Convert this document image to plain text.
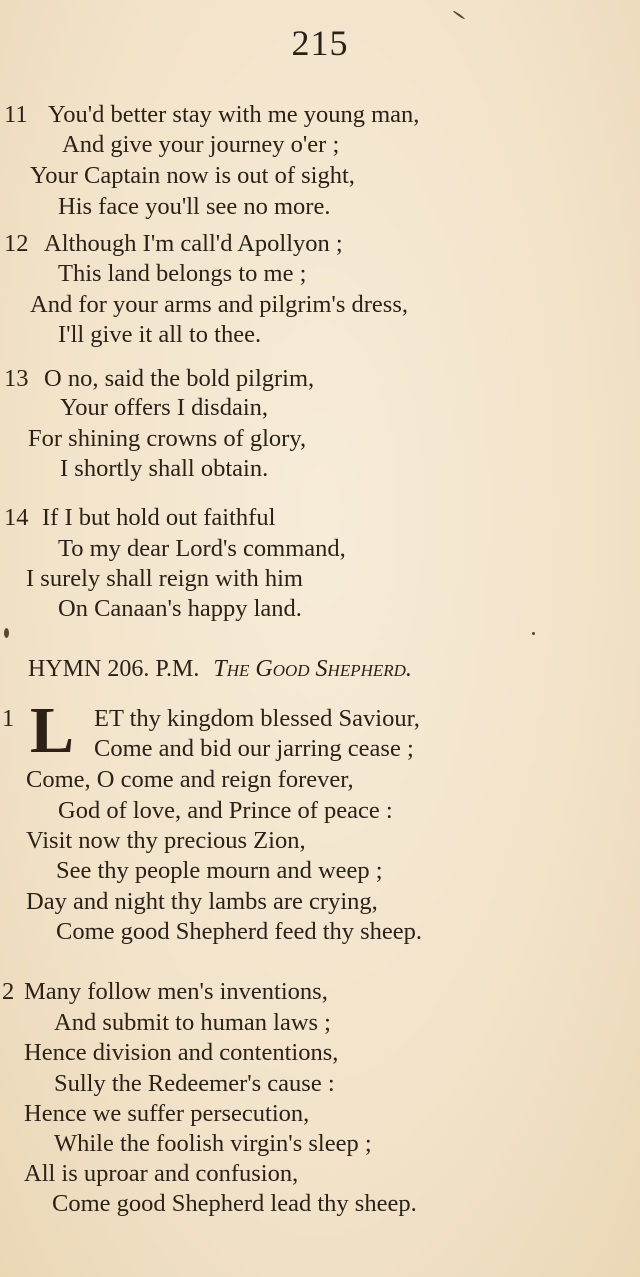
215
11 You'd better stay with me young man,
And give your journey o'er ;
Your Captain now is out of sight,
His face you'll see no more.
12 Although I'm call'd Apollyon ;
This land belongs to me ;
And for your arms and pilgrim's dress,
I'll give it all to thee.
13 O no, said the bold pilgrim,
Your offers I disdain,
For shining crowns of glory,
I shortly shall obtain.
14 If I but hold out faithful
To my dear Lord's command,
I surely shall reign with him
On Canaan's happy land.
HYMN 206. P.M. The Good Shepherd.
1 L ET thy kingdom blessed Saviour,
Come and bid our jarring cease ;
Come, O come and reign forever,
God of love, and Prince of peace :
Visit now thy precious Zion,
See thy people mourn and weep ;
Day and night thy lambs are crying,
Come good Shepherd feed thy sheep.
2 Many follow men's inventions,
And submit to human laws ;
Hence division and contentions,
Sully the Redeemer's cause :
Hence we suffer persecution,
While the foolish virgin's sleep ;
All is uproar and confusion,
Come good Shepherd lead thy sheep.
